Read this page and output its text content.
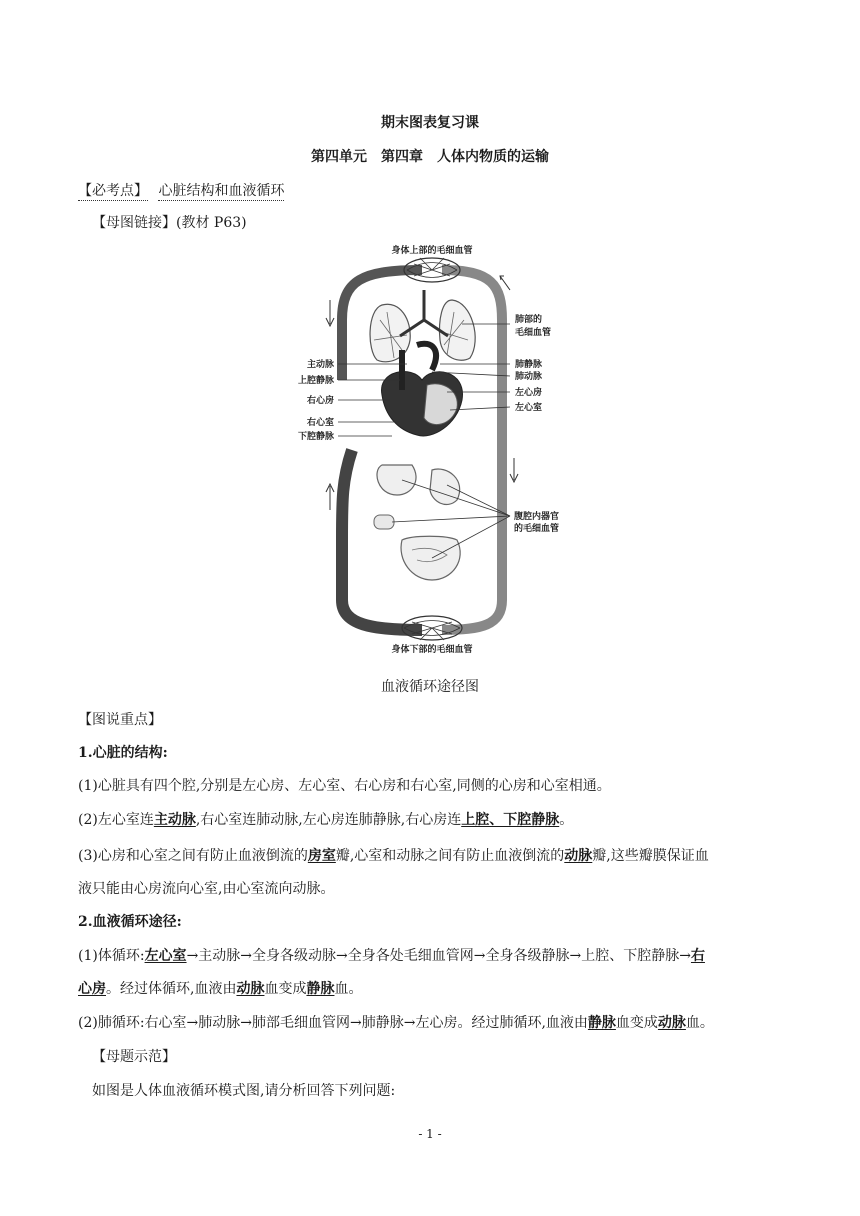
期末图表复习课
第四单元　第四章　人体内物质的运输
【必考点】 心脏结构和血液循环
【母图链接】(教材 P63)
身体上部的毛细血管
肺部的
毛细血管
主动脉
上腔静脉
右心房
右心室
下腔静脉
肺静脉
肺动脉
左心房
左心室
腹腔内器官
的毛细血管
身体下部的毛细血管
血液循环途径图
【图说重点】
1.心脏的结构:
(1)心脏具有四个腔,分别是左心房、左心室、右心房和右心室,同侧的心房和心室相通。
(2)左心室连主动脉,右心室连肺动脉,左心房连肺静脉,右心房连上腔、下腔静脉。
(3)心房和心室之间有防止血液倒流的房室瓣,心室和动脉之间有防止血液倒流的动脉瓣,这些瓣膜保证血
液只能由心房流向心室,由心室流向动脉。
2.血液循环途径:
(1)体循环:左心室→主动脉→全身各级动脉→全身各处毛细血管网→全身各级静脉→上腔、下腔静脉→右
心房。经过体循环,血液由动脉血变成静脉血。
(2)肺循环:右心室→肺动脉→肺部毛细血管网→肺静脉→左心房。经过肺循环,血液由静脉血变成动脉血。
【母题示范】
如图是人体血液循环模式图,请分析回答下列问题:
- 1 -
